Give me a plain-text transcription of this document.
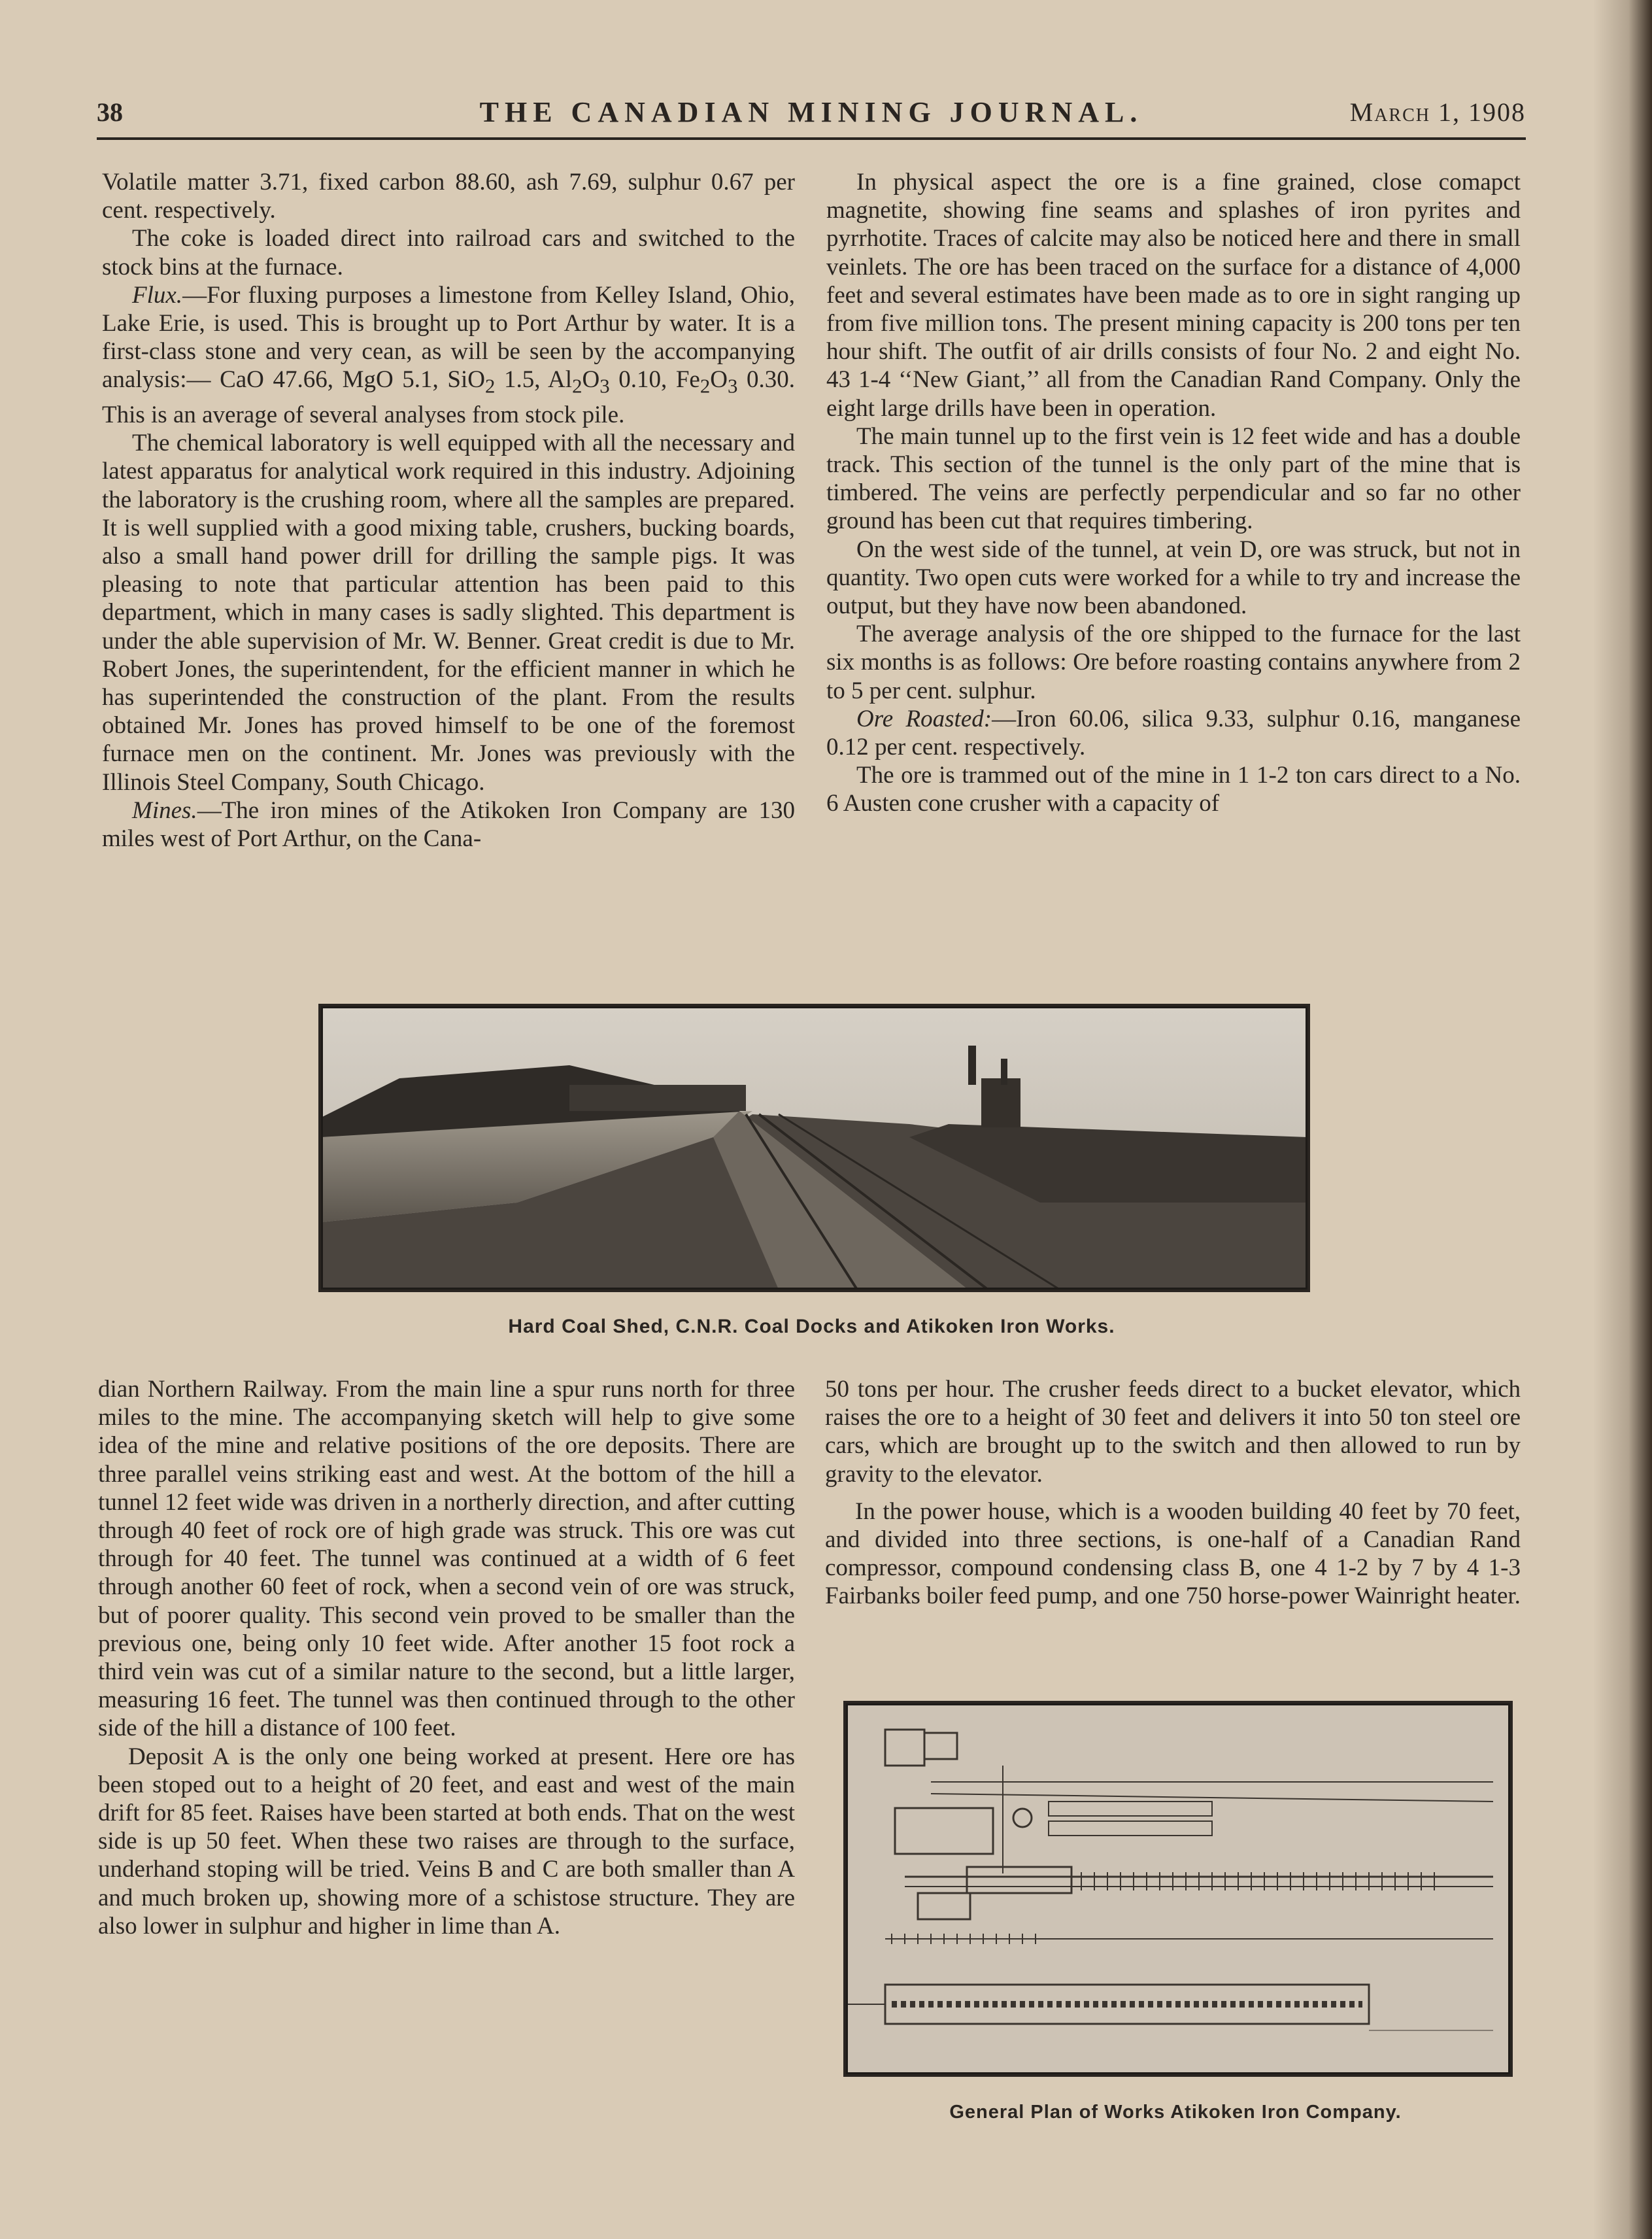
38	THE CANADIAN MINING JOURNAL.	March 1, 1908

Volatile matter 3.71, fixed carbon 88.60, ash 7.69, sulphur 0.67 per cent. respectively.

The coke is loaded direct into railroad cars and switched to the stock bins at the furnace.

Flux.—For fluxing purposes a limestone from Kelley Island, Ohio, Lake Erie, is used. This is brought up to Port Arthur by water. It is a first-class stone and very cean, as will be seen by the accompanying analysis:— CaO 47.66, MgO 5.1, SiO$_2$ 1.5, $Al_2O_3$ 0.10, $Fe_2O_3$ 0.30. This is an average of several analyses from stock pile.

The chemical laboratory is well equipped with all the necessary and latest apparatus for analytical work required in this industry. Adjoining the laboratory is the crushing room, where all the samples are prepared. It is well supplied with a good mixing table, crushers, bucking boards, also a small hand power drill for drilling the sample pigs. It was pleasing to note that particular attention has been paid to this department, which in many cases is sadly slighted. This department is under the able supervision of Mr. W. Benner. Great credit is due to Mr. Robert Jones, the superintendent, for the efficient manner in which he has superintended the construction of the plant. From the results obtained Mr. Jones has proved himself to be one of the foremost furnace men on the continent. Mr. Jones was previously with the Illinois Steel Company, South Chicago.

Mines.—The iron mines of the Atikoken Iron Company are 130 miles west of Port Arthur, on the Cana-

In physical aspect the ore is a fine grained, close comapct magnetite, showing fine seams and splashes of iron pyrites and pyrrhotite. Traces of calcite may also be noticed here and there in small veinlets. The ore has been traced on the surface for a distance of 4,000 feet and several estimates have been made as to ore in sight ranging up from five million tons. The present mining capacity is 200 tons per ten hour shift. The outfit of air drills consists of four No. 2 and eight No. 43 1-4 ‘‘New Giant,’’ all from the Canadian Rand Company. Only the eight large drills have been in operation.

The main tunnel up to the first vein is 12 feet wide and has a double track. This section of the tunnel is the only part of the mine that is timbered. The veins are perfectly perpendicular and so far no other ground has been cut that requires timbering.

On the west side of the tunnel, at vein D, ore was struck, but not in quantity. Two open cuts were worked for a while to try and increase the output, but they have now been abandoned.

The average analysis of the ore shipped to the furnace for the last six months is as follows: Ore before roasting contains anywhere from 2 to 5 per cent. sulphur.

Ore Roasted:—Iron 60.06, silica 9.33, sulphur 0.16, manganese 0.12 per cent. respectively.

The ore is trammed out of the mine in 1 1-2 ton cars direct to a No. 6 Austen cone crusher with a capacity of

Hard Coal Shed, C.N.R. Coal Docks and Atikoken Iron Works.

dian Northern Railway. From the main line a spur runs north for three miles to the mine. The accompanying sketch will help to give some idea of the mine and relative positions of the ore deposits. There are three parallel veins striking east and west. At the bottom of the hill a tunnel 12 feet wide was driven in a northerly direction, and after cutting through 40 feet of rock ore of high grade was struck. This ore was cut through for 40 feet. The tunnel was continued at a width of 6 feet through another 60 feet of rock, when a second vein of ore was struck, but of poorer quality. This second vein proved to be smaller than the previous one, being only 10 feet wide. After another 15 foot rock a third vein was cut of a similar nature to the second, but a little larger, measuring 16 feet. The tunnel was then continued through to the other side of the hill a distance of 100 feet.

Deposit A is the only one being worked at present. Here ore has been stoped out to a height of 20 feet, and east and west of the main drift for 85 feet. Raises have been started at both ends. That on the west side is up 50 feet. When these two raises are through to the surface, underhand stoping will be tried. Veins B and C are both smaller than A and much broken up, showing more of a schistose structure. They are also lower in sulphur and higher in lime than A.

50 tons per hour. The crusher feeds direct to a bucket elevator, which raises the ore to a height of 30 feet and delivers it into 50 ton steel ore cars, which are brought up to the switch and then allowed to run by gravity to the elevator.

In the power house, which is a wooden building 40 feet by 70 feet, and divided into three sections, is one-half of a Canadian Rand compressor, compound condensing class B, one 4 1-2 by 7 by 4 1-3 Fairbanks boiler feed pump, and one 750 horse-power Wainright heater.

General Plan of Works Atikoken Iron Company.
